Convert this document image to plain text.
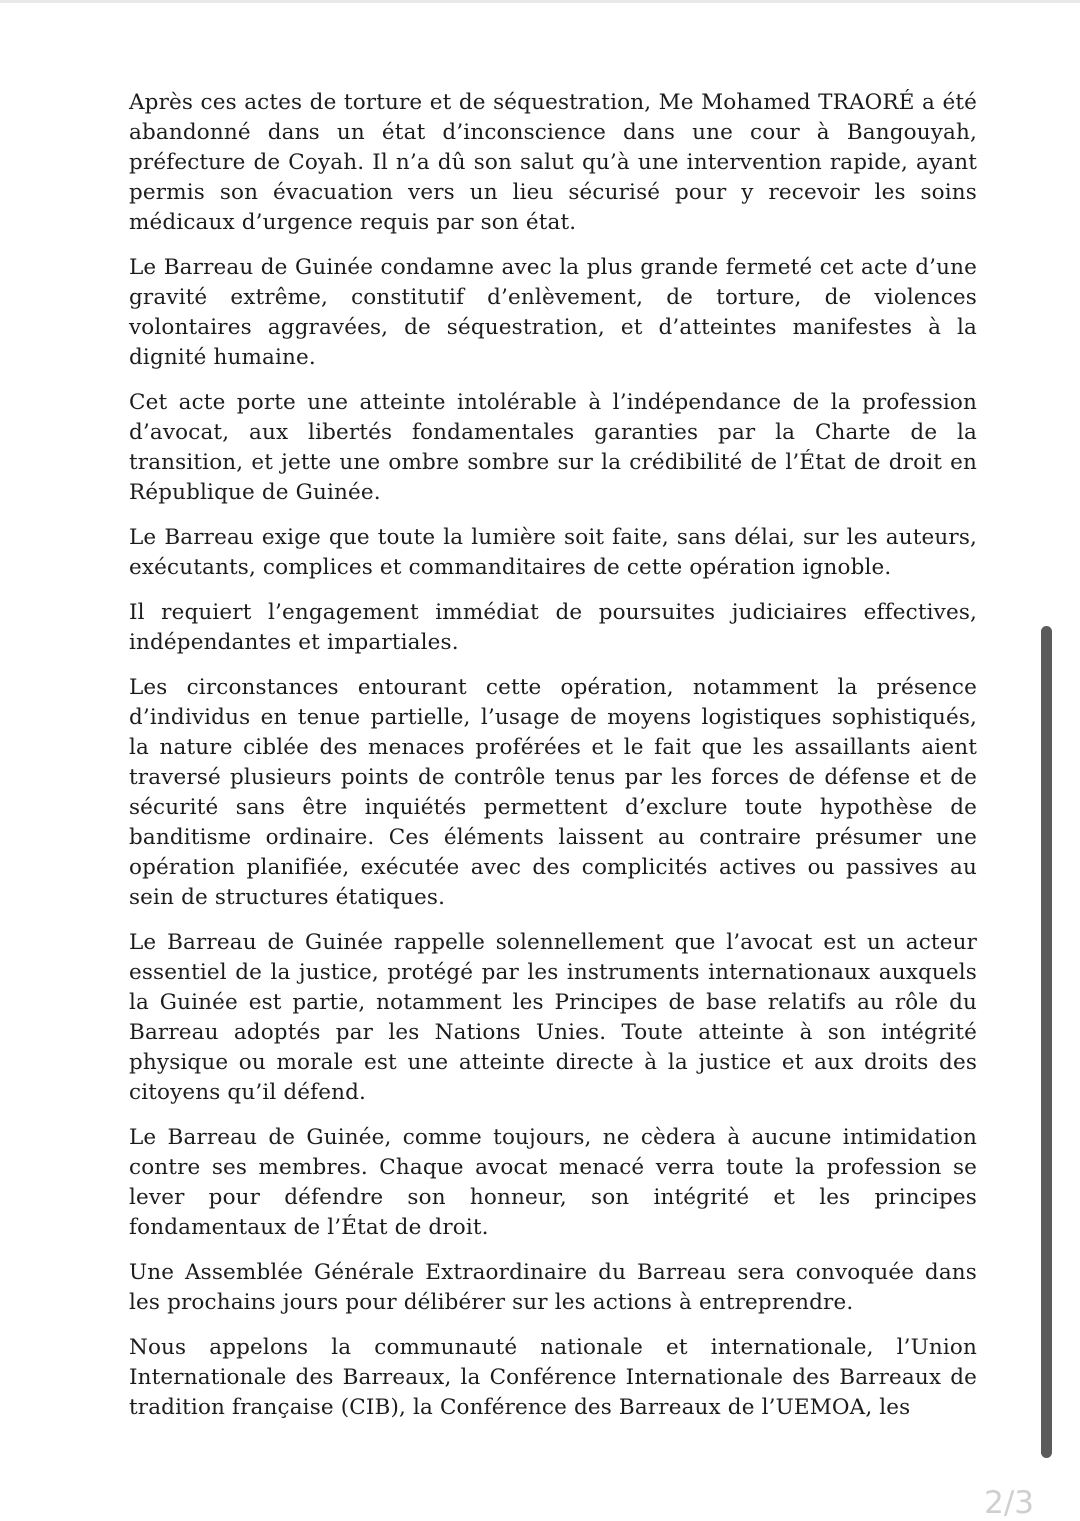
Après ces actes de torture et de séquestration, Me Mohamed TRAORÉ a été abandonné dans un état d’inconscience dans une cour à Bangouyah, préfecture de Coyah. Il n’a dû son salut qu’à une intervention rapide, ayant permis son évacuation vers un lieu sécurisé pour y recevoir les soins médicaux d’urgence requis par son état.

Le Barreau de Guinée condamne avec la plus grande fermeté cet acte d’une gravité extrême, constitutif d’enlèvement, de torture, de violences volontaires aggravées, de séquestration, et d’atteintes manifestes à la dignité humaine.

Cet acte porte une atteinte intolérable à l’indépendance de la profession d’avocat, aux libertés fondamentales garanties par la Charte de la transition, et jette une ombre sombre sur la crédibilité de l’État de droit en République de Guinée.

Le Barreau exige que toute la lumière soit faite, sans délai, sur les auteurs, exécutants, complices et commanditaires de cette opération ignoble.

Il requiert l’engagement immédiat de poursuites judiciaires effectives, indépendantes et impartiales.

Les circonstances entourant cette opération, notamment la présence d’individus en tenue partielle, l’usage de moyens logistiques sophistiqués, la nature ciblée des menaces proférées et le fait que les assaillants aient traversé plusieurs points de contrôle tenus par les forces de défense et de sécurité sans être inquiétés permettent d’exclure toute hypothèse de banditisme ordinaire. Ces éléments laissent au contraire présumer une opération planifiée, exécutée avec des complicités actives ou passives au sein de structures étatiques.

Le Barreau de Guinée rappelle solennellement que l’avocat est un acteur essentiel de la justice, protégé par les instruments internationaux auxquels la Guinée est partie, notamment les Principes de base relatifs au rôle du Barreau adoptés par les Nations Unies. Toute atteinte à son intégrité physique ou morale est une atteinte directe à la justice et aux droits des citoyens qu’il défend.

Le Barreau de Guinée, comme toujours, ne cèdera à aucune intimidation contre ses membres. Chaque avocat menacé verra toute la profession se lever pour défendre son honneur, son intégrité et les principes fondamentaux de l’État de droit.

Une Assemblée Générale Extraordinaire du Barreau sera convoquée dans les prochains jours pour délibérer sur les actions à entreprendre.

Nous appelons la communauté nationale et internationale, l’Union Internationale des Barreaux, la Conférence Internationale des Barreaux de tradition française (CIB), la Conférence des Barreaux de l’UEMOA, les

2/3
